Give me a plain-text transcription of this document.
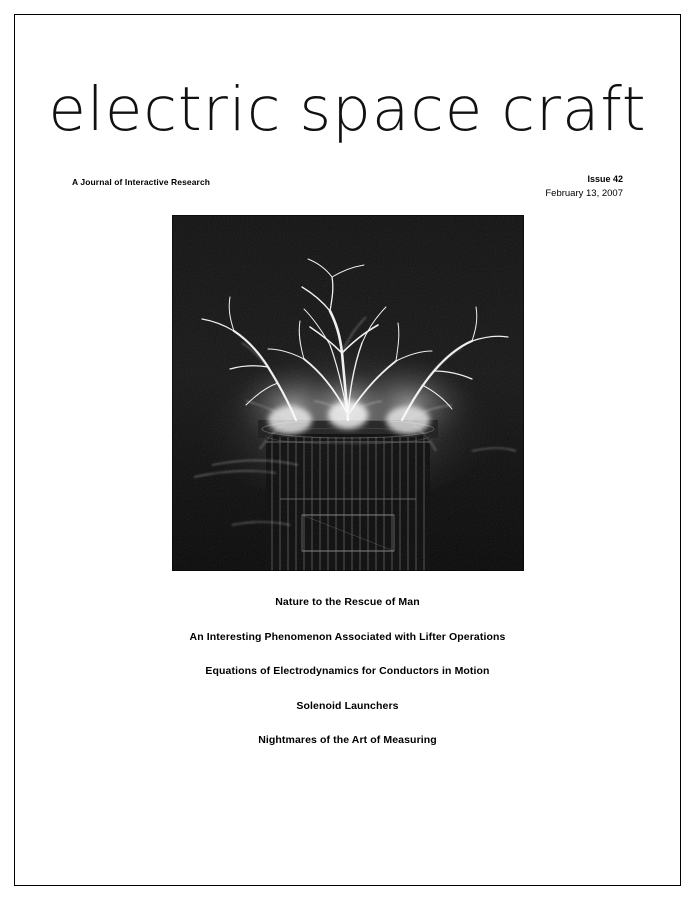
electric space craft
A Journal of Interactive Research	Issue 42
February 13, 2007
Nature to the Rescue of Man
An Interesting Phenomenon Associated with Lifter Operations
Equations of Electrodynamics for Conductors in Motion
Solenoid Launchers
Nightmares of the Art of Measuring
